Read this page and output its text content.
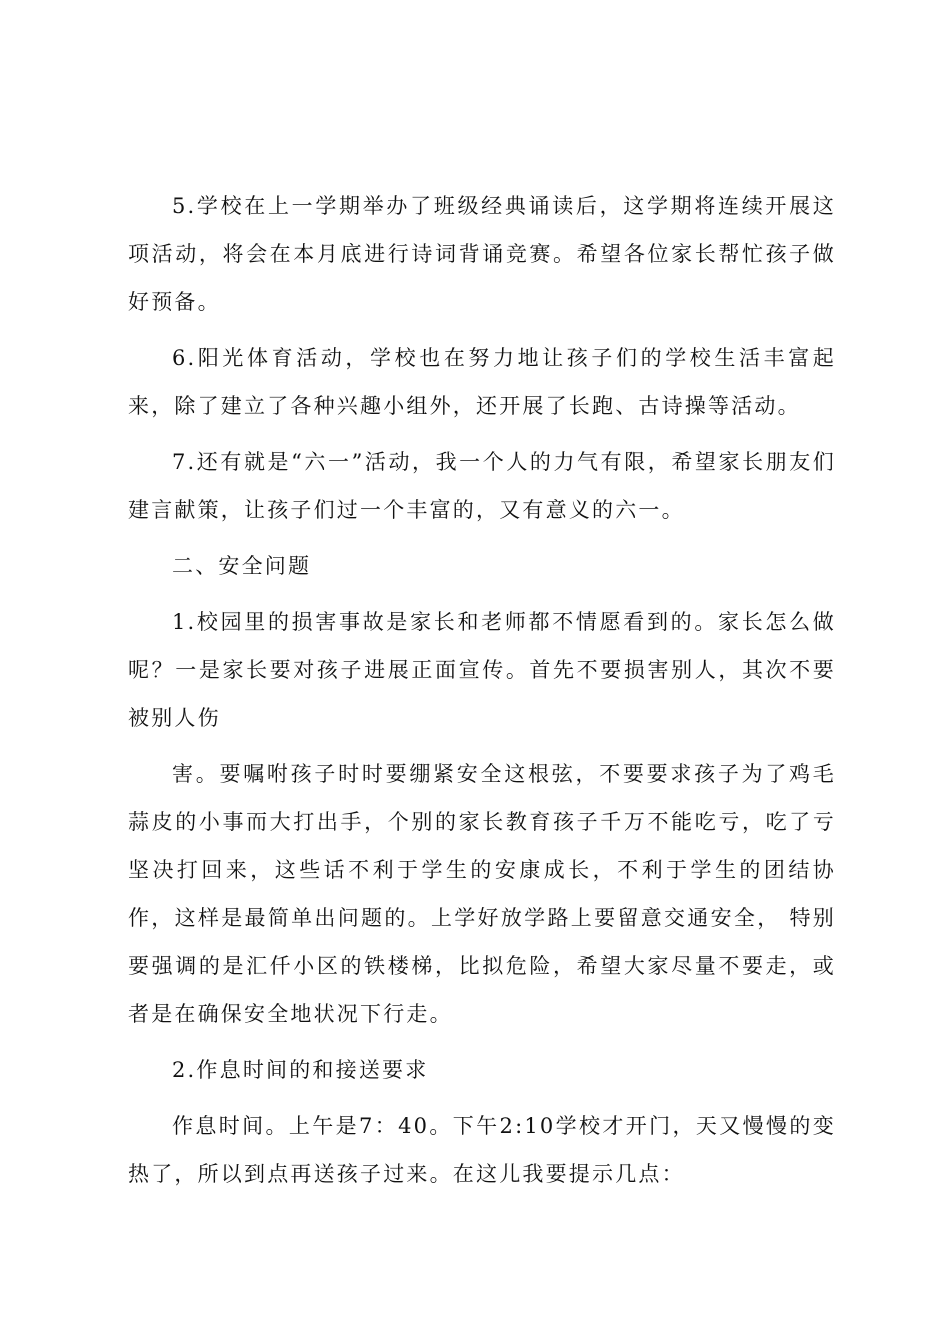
5.学校在上一学期举办了班级经典诵读后，这学期将连续开展这项活动，将会在本月底进行诗词背诵竞赛。希望各位家长帮忙孩子做好预备。

6.阳光体育活动，学校也在努力地让孩子们的学校生活丰富起来，除了建立了各种兴趣小组外，还开展了长跑、古诗操等活动。

7.还有就是“六一”活动，我一个人的力气有限，希望家长朋友们建言献策，让孩子们过一个丰富的，又有意义的六一。

二、安全问题

1.校园里的损害事故是家长和老师都不情愿看到的。家长怎么做呢？一是家长要对孩子进展正面宣传。首先不要损害别人，其次不要被别人伤

害。要嘱咐孩子时时要绷紧安全这根弦，不要要求孩子为了鸡毛蒜皮的小事而大打出手，个别的家长教育孩子千万不能吃亏，吃了亏坚决打回来，这些话不利于学生的安康成长，不利于学生的团结协作，这样是最简单出问题的。上学好放学路上要留意交通安全， 特别要强调的是汇仟小区的铁楼梯，比拟危险，希望大家尽量不要走，或者是在确保安全地状况下行走。

2.作息时间的和接送要求

作息时间。上午是7：40。下午2:10学校才开门，天又慢慢的变热了，所以到点再送孩子过来。在这儿我要提示几点：
